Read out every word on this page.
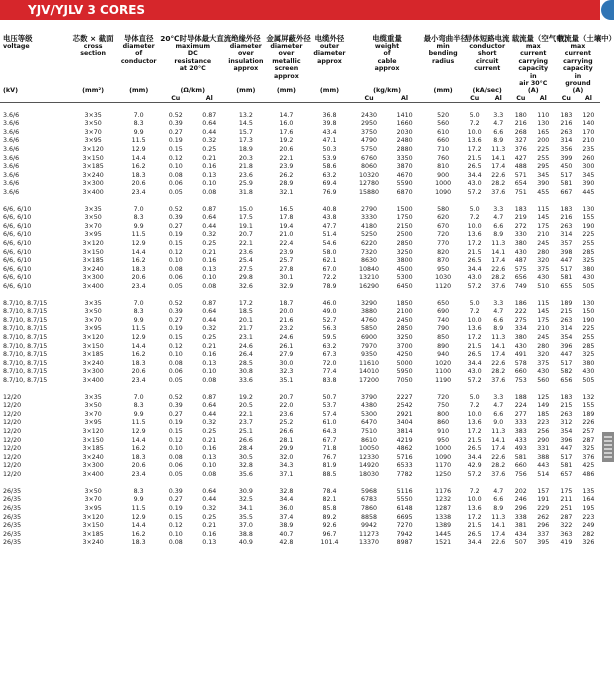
YJV/YJLV 3 CORES
电压等级	芯数 × 截面	导体直径	20℃时导体最大直流		绝缘外径	金属屏蔽外径	电缆外径	电缆重量		最小弯曲半径	导体短路电流		载流量（空气中）		载流量（土壤中）	
voltage	cross	diameter	maximum		diameter	diameter	outer	weight		min	conductor		max		max	
	section	of	DC		over	over	diameter	of		bending	short		current		current	
		conductor	resistance		insulation	metallic	approx	cable		radius	circuit		carrying		carrying	
			at 20°C		approx	screen		approx			current		capacity		capacity	
						approx							in		in	
													air 30°C		ground	
(kV)	(mm²)	(mm)	(Ω/km)		(mm)	(mm)	(mm)	(kg/km)		(mm)	(kA/sec)		(A)		(A)	
			Cu	Al				Cu	Al		Cu	Al	Cu	Al	Cu	Al

3.6/6	3×35	7.0	0.52	0.87	13.2	14.7	36.8	2430	1410	520	5.0	3.3	180	110	183	120
3.6/6	3×50	8.3	0.39	0.64	14.5	16.0	39.8	2950	1660	560	7.2	4.7	216	130	216	140
3.6/6	3×70	9.9	0.27	0.44	15.7	17.6	43.4	3750	2030	610	10.0	6.6	268	165	263	170
3.6/6	3×95	11.5	0.19	0.32	17.3	19.2	47.1	4790	2480	660	13.6	8.9	327	200	314	210
3.6/6	3×120	12.9	0.15	0.25	18.9	20.6	50.3	5750	2880	710	17.2	11.3	376	225	356	235
3.6/6	3×150	14.4	0.12	0.21	20.3	22.1	53.9	6760	3350	760	21.5	14.1	427	255	399	260
3.6/6	3×185	16.2	0.10	0.16	21.8	23.9	58.6	8060	3870	810	26.5	17.4	488	295	450	300
3.6/6	3×240	18.3	0.08	0.13	23.6	26.2	63.2	10320	4670	900	34.4	22.6	571	345	517	345
3.6/6	3×300	20.6	0.06	0.10	25.9	28.9	69.4	12780	5590	1000	43.0	28.2	654	390	581	390
3.6/6	3×400	23.4	0.05	0.08	31.8	32.1	76.9	15880	6870	1090	57.2	37.6	751	455	667	445

6/6, 6/10	3×35	7.0	0.52	0.87	15.0	16.5	40.8	2790	1500	580	5.0	3.3	183	115	183	130
6/6, 6/10	3×50	8.3	0.39	0.64	17.5	17.8	43.8	3330	1750	620	7.2	4.7	219	145	216	155
6/6, 6/10	3×70	9.9	0.27	0.44	19.1	19.4	47.7	4180	2150	670	10.0	6.6	272	175	263	190
6/6, 6/10	3×95	11.5	0.19	0.32	20.7	21.0	51.4	5250	2500	720	13.6	8.9	330	210	314	225
6/6, 6/10	3×120	12.9	0.15	0.25	22.1	22.4	54.6	6220	2850	770	17.2	11.3	380	245	357	255
6/6, 6/10	3×150	14.4	0.12	0.21	23.6	23.9	58.0	7320	3250	820	21.5	14.1	430	280	398	285
6/6, 6/10	3×185	16.2	0.10	0.16	25.4	25.7	62.1	8630	3800	870	26.5	17.4	487	320	447	325
6/6, 6/10	3×240	18.3	0.08	0.13	27.5	27.8	67.0	10840	4500	950	34.4	22.6	575	375	517	380
6/6, 6/10	3×300	20.6	0.06	0.10	29.8	30.1	72.2	13210	5300	1030	43.0	28.2	656	430	581	430
6/6, 6/10	3×400	23.4	0.05	0.08	32.6	32.9	78.9	16290	6450	1120	57.2	37.6	749	510	655	505

8.7/10, 8.7/15	3×35	7.0	0.52	0.87	17.2	18.7	46.0	3290	1850	650	5.0	3.3	186	115	189	130
8.7/10, 8.7/15	3×50	8.3	0.39	0.64	18.5	20.0	49.0	3880	2100	690	7.2	4.7	222	145	215	150
8.7/10, 8.7/15	3×70	9.9	0.27	0.44	20.1	21.6	52.7	4760	2450	740	10.0	6.6	275	175	263	190
8.7/10, 8.7/15	3×95	11.5	0.19	0.32	21.7	23.2	56.3	5850	2850	790	13.6	8.9	334	210	314	225
8.7/10, 8.7/15	3×120	12.9	0.15	0.25	23.1	24.6	59.5	6900	3250	850	17.2	11.3	380	245	354	255
8.7/10, 8.7/15	3×150	14.4	0.12	0.21	24.6	26.1	63.2	7970	3700	890	21.5	14.1	430	280	396	285
8.7/10, 8.7/15	3×185	16.2	0.10	0.16	26.4	27.9	67.3	9350	4250	940	26.5	17.4	491	320	447	325
8.7/10, 8.7/15	3×240	18.3	0.08	0.13	28.5	30.0	72.0	11610	5000	1020	34.4	22.6	578	375	517	380
8.7/10, 8.7/15	3×300	20.6	0.06	0.10	30.8	32.3	77.4	14010	5950	1100	43.0	28.2	660	430	582	430
8.7/10, 8.7/15	3×400	23.4	0.05	0.08	33.6	35.1	83.8	17200	7050	1190	57.2	37.6	753	560	656	505

12/20	3×35	7.0	0.52	0.87	19.2	20.7	50.7	3790	2227	720	5.0	3.3	188	125	183	132
12/20	3×50	8.3	0.39	0.64	20.5	22.0	53.7	4380	2542	750	7.2	4.7	224	149	215	155
12/20	3×70	9.9	0.27	0.44	22.1	23.6	57.4	5300	2921	800	10.0	6.6	277	185	263	189
12/20	3×95	11.5	0.19	0.32	23.7	25.2	61.0	6470	3404	860	13.6	9.0	333	223	312	226
12/20	3×120	12.9	0.15	0.25	25.1	26.6	64.3	7510	3814	910	17.2	11.3	383	256	354	257
12/20	3×150	14.4	0.12	0.21	26.6	28.1	67.7	8610	4219	950	21.5	14.1	433	290	396	287
12/20	3×185	16.2	0.10	0.16	28.4	29.9	71.8	10050	4862	1000	26.5	17.4	493	331	447	325
12/20	3×240	18.3	0.08	0.13	30.5	32.0	76.7	12330	5716	1090	34.4	22.6	581	388	517	376
12/20	3×300	20.6	0.06	0.10	32.8	34.3	81.9	14920	6533	1170	42.9	28.2	660	443	581	425
12/20	3×400	23.4	0.05	0.08	35.6	37.1	88.5	18030	7782	1250	57.2	37.6	756	514	657	486

26/35	3×50	8.3	0.39	0.64	30.9	32.8	78.4	5968	5116	1176	7.2	4.7	202	157	175	135
26/35	3×70	9.9	0.27	0.44	32.5	34.4	82.1	6783	5550	1232	10.0	6.6	246	191	211	164
26/35	3×95	11.5	0.19	0.32	34.1	36.0	85.8	7860	6148	1287	13.6	8.9	296	229	251	195
26/35	3×120	12.9	0.15	0.25	35.5	37.4	89.2	8858	6695	1338	17.2	11.3	338	262	287	223
26/35	3×150	14.4	0.12	0.21	37.0	38.9	92.6	9942	7270	1389	21.5	14.1	381	296	322	249
26/35	3×185	16.2	0.10	0.16	38.8	40.7	96.7	11273	7942	1445	26.5	17.4	434	337	363	282
26/35	3×240	18.3	0.08	0.13	40.9	42.8	101.4	13370	8987	1521	34.4	22.6	507	395	419	326
